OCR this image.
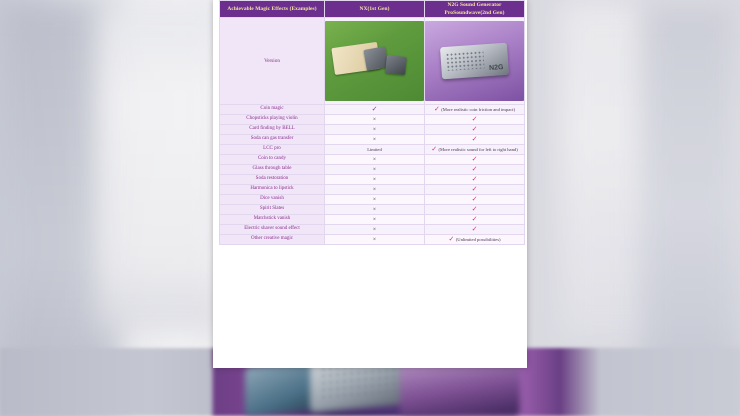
Achievable Magic Effects (Examples)	NX(1st Gen)	N2G Sound Generator ProSoundwave(2nd Gen)
Version		N2G

Coin magic	✓	✓ (More realistic coin friction and impact)
Chopsticks playing violin	×	✓
Card finding by BELL	×	✓
Soda can gas transfer	×	✓
LCC pro	Limited	✓ (More realistic sound for left to right hand)
Coin to candy	×	✓
Glass through table	×	✓
Soda restoration	×	✓
Harmonica to lipstick	×	✓
Dice vanish	×	✓
Spirit Slates	×	✓
Matchstick vanish	×	✓
Electric shaver sound effect	×	✓
Other creative magic	×	✓ (Unlimited possibilities)
